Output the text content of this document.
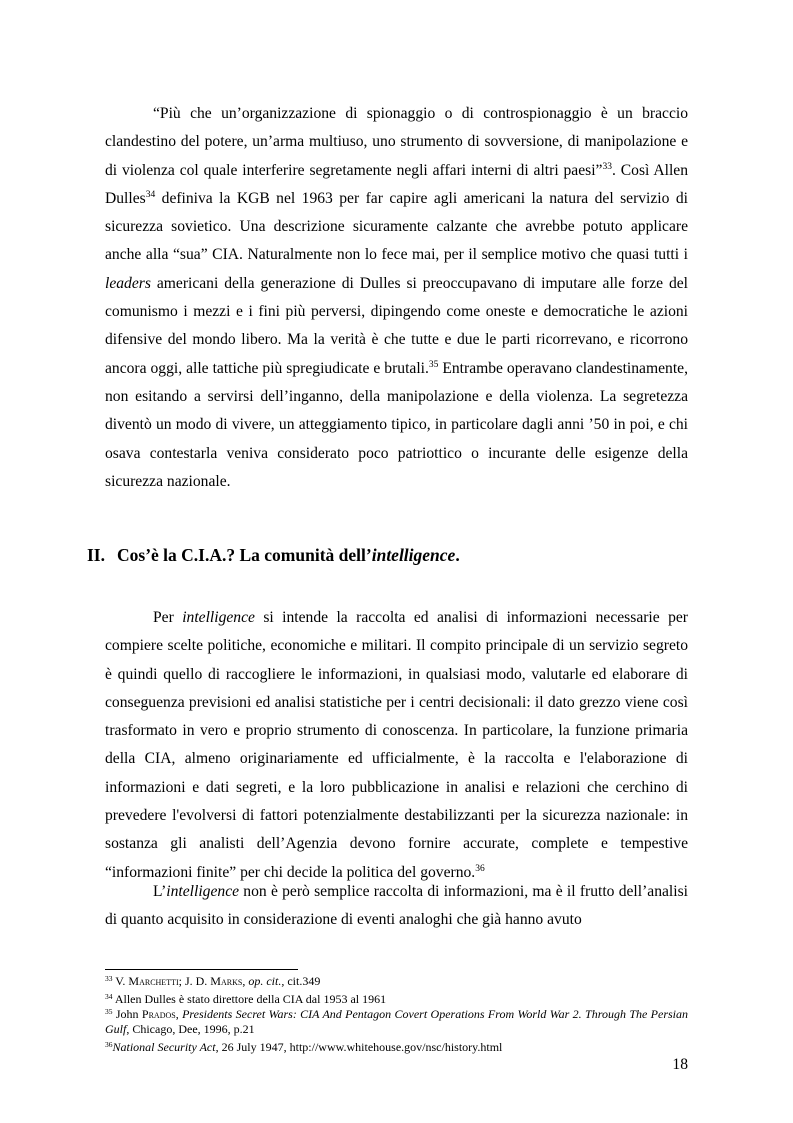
“Più che un’organizzazione di spionaggio o di controspionaggio è un braccio clandestino del potere, un’arma multiuso, uno strumento di sovversione, di manipolazione e di violenza col quale interferire segretamente negli affari interni di altri paesi”$^{33}$. Così Allen Dulles$^{34}$ definiva la KGB nel 1963 per far capire agli americani la natura del servizio di sicurezza sovietico. Una descrizione sicuramente calzante che avrebbe potuto applicare anche alla “sua” CIA. Naturalmente non lo fece mai, per il semplice motivo che quasi tutti i leaders americani della generazione di Dulles si preoccupavano di imputare alle forze del comunismo i mezzi e i fini più perversi, dipingendo come oneste e democratiche le azioni difensive del mondo libero. Ma la verità è che tutte e due le parti ricorrevano, e ricorrono ancora oggi, alle tattiche più spregiudicate e brutali.$^{35}$ Entrambe operavano clandestinamente, non esitando a servirsi dell’inganno, della manipolazione e della violenza. La segretezza diventò un modo di vivere, un atteggiamento tipico, in particolare dagli anni ’50 in poi, e chi osava contestarla veniva considerato poco patriottico o incurante delle esigenze della sicurezza nazionale.

II. Cos’è la C.I.A.? La comunità dell’intelligence.

Per intelligence si intende la raccolta ed analisi di informazioni necessarie per compiere scelte politiche, economiche e militari. Il compito principale di un servizio segreto è quindi quello di raccogliere le informazioni, in qualsiasi modo, valutarle ed elaborare di conseguenza previsioni ed analisi statistiche per i centri decisionali: il dato grezzo viene così trasformato in vero e proprio strumento di conoscenza. In particolare, la funzione primaria della CIA, almeno originariamente ed ufficialmente, è la raccolta e l'elaborazione di informazioni e dati segreti, e la loro pubblicazione in analisi e relazioni che cerchino di prevedere l'evolversi di fattori potenzialmente destabilizzanti per la sicurezza nazionale: in sostanza gli analisti dell’Agenzia devono fornire accurate, complete e tempestive “informazioni finite” per chi decide la politica del governo.$^{36}$

L’intelligence non è però semplice raccolta di informazioni, ma è il frutto dell’analisi di quanto acquisito in considerazione di eventi analoghi che già hanno avuto

$^{33}$ V. Marchetti; J. D. Marks, op. cit., cit.349

$^{34}$ Allen Dulles è stato direttore della CIA dal 1953 al 1961

$^{35}$ John Prados, Presidents Secret Wars: CIA And Pentagon Covert Operations From World War 2. Through The Persian Gulf, Chicago, Dee, 1996, p.21

$^{36}$National Security Act, 26 July 1947, http://www.whitehouse.gov/nsc/history.html

18
